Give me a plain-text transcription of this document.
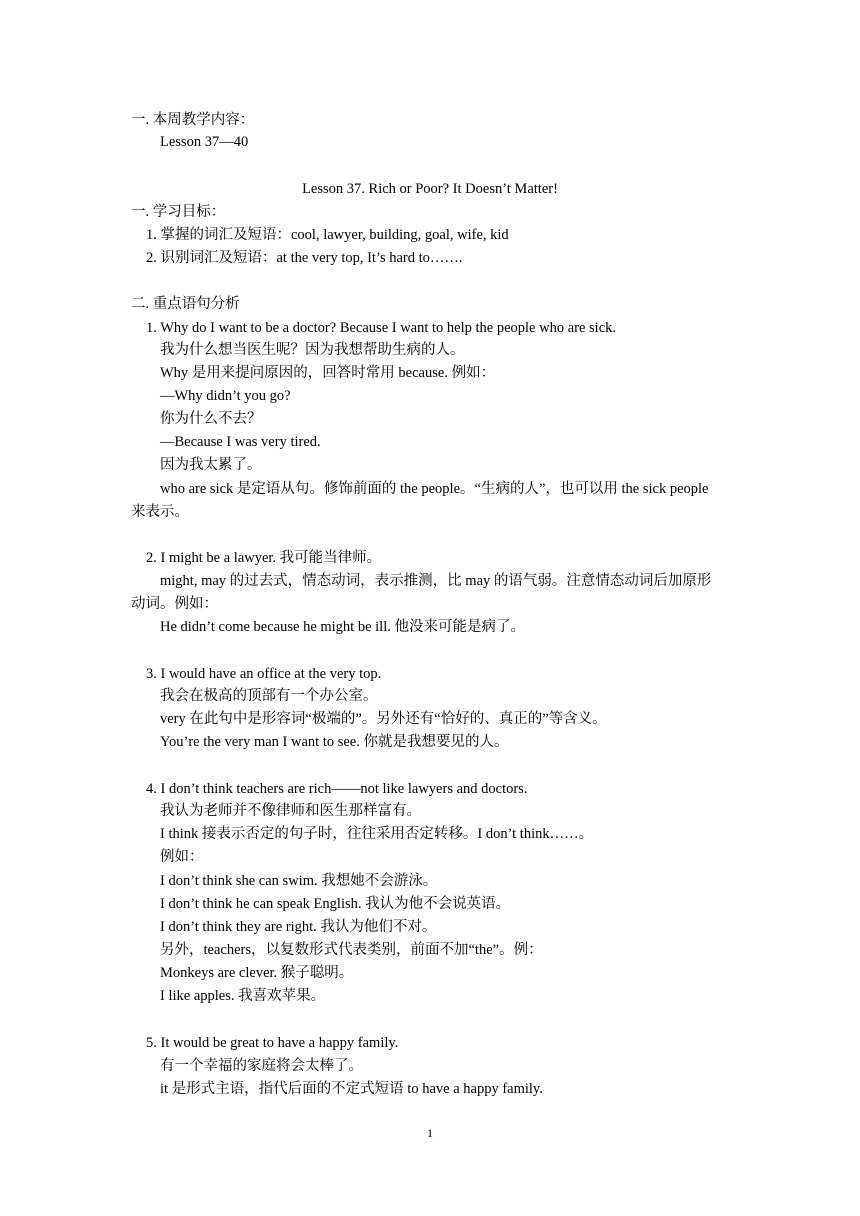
一. 本周教学内容：
Lesson 37—40
Lesson 37. Rich or Poor? It Doesn’t Matter!
一. 学习目标：
1. 掌握的词汇及短语：cool, lawyer, building, goal, wife, kid
2. 识别词汇及短语：at the very top, It’s hard to…….
二. 重点语句分析
1. Why do I want to be a doctor? Because I want to help the people who are sick.
我为什么想当医生呢？因为我想帮助生病的人。
Why 是用来提问原因的，回答时常用 because. 例如：
—Why didn’t you go?
你为什么不去？
—Because I was very tired.
因为我太累了。
who are sick 是定语从句。修饰前面的 the people。“生病的人”，也可以用 the sick people
来表示。
2. I might be a lawyer. 我可能当律师。
might, may 的过去式，情态动词，表示推测，比 may 的语气弱。注意情态动词后加原形
动词。例如：
He didn’t come because he might be ill. 他没来可能是病了。
3. I would have an office at the very top.
我会在极高的顶部有一个办公室。
very 在此句中是形容词“极端的”。另外还有“恰好的、真正的”等含义。
You’re the very man I want to see. 你就是我想要见的人。
4. I don’t think teachers are rich——not like lawyers and doctors.
我认为老师并不像律师和医生那样富有。
I think 接表示否定的句子时，往往采用否定转移。I don’t think……。
例如：
I don’t think she can swim. 我想她不会游泳。
I don’t think he can speak English. 我认为他不会说英语。
I don’t think they are right. 我认为他们不对。
另外，teachers，以复数形式代表类别，前面不加“the”。例：
Monkeys are clever. 猴子聪明。
I like apples. 我喜欢苹果。
5. It would be great to have a happy family.
有一个幸福的家庭将会太棒了。
it 是形式主语，指代后面的不定式短语 to have a happy family.
1
